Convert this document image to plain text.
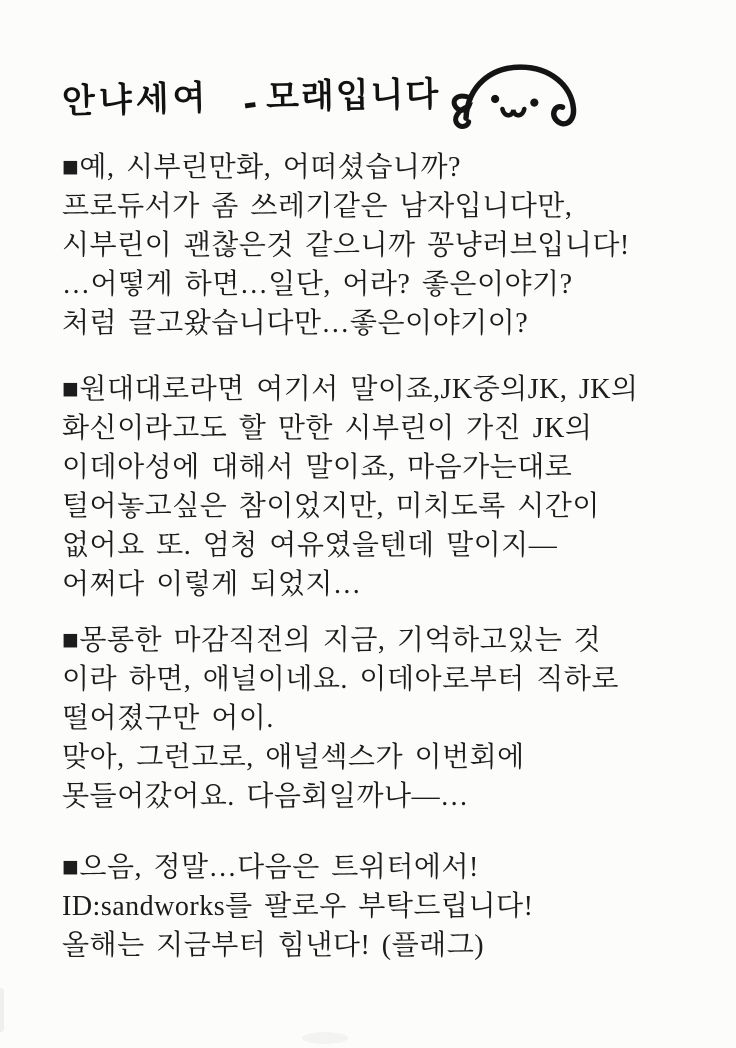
안냐세여 - 모래입니다
■예, 시부린만화, 어떠셨습니까?
프로듀서가 좀 쓰레기같은 남자입니다만,
시부린이 괜찮은것 같으니까 꽁냥러브입니다!
…어떻게 하면…일단, 어라? 좋은이야기?
처럼 끌고왔습니다만…좋은이야기이?
■원대대로라면 여기서 말이죠,JK중의JK, JK의
화신이라고도 할 만한 시부린이 가진 JK의
이데아성에 대해서 말이죠, 마음가는대로
털어놓고싶은 참이었지만, 미치도록 시간이
없어요 또. 엄청 여유였을텐데 말이지—
어쩌다 이렇게 되었지…
■몽롱한 마감직전의 지금, 기억하고있는 것
이라 하면, 애널이네요. 이데아로부터 직하로
떨어졌구만 어이.
맞아, 그런고로, 애널섹스가 이번회에
못들어갔어요. 다음회일까나—…
■으음, 정말…다음은 트위터에서!
ID:sandworks를 팔로우 부탁드립니다!
올해는 지금부터 힘낸다! (플래그)
